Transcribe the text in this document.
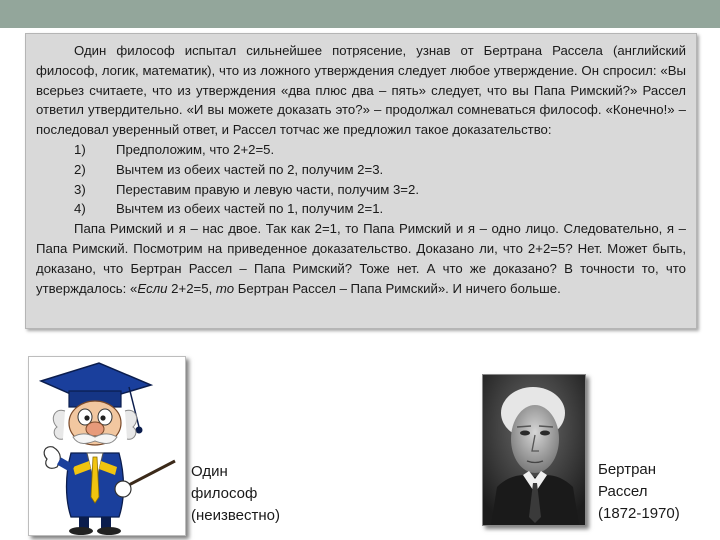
Один философ испытал сильнейшее потрясение, узнав от Бертрана Рассела (английский философ, логик, математик), что из ложного утверждения следует любое утверждение. Он спросил: «Вы всерьез считаете, что из утверждения «два плюс два – пять» следует, что вы Папа Римский?» Рассел ответил утвердительно. «И вы можете доказать это?» – продолжал сомневаться философ. «Конечно!» – последовал уверенный ответ, и Рассел тотчас же предложил такое доказательство:

1)	Предположим, что 2+2=5.
2)	Вычтем из обеих частей по 2, получим 2=3.
3)	Переставим правую и левую части, получим 3=2.
4)	Вычтем из обеих частей по 1, получим 2=1.

Папа Римский и я – нас двое. Так как 2=1, то Папа Римский и я – одно лицо. Следовательно, я – Папа Римский. Посмотрим на приведенное доказательство. Доказано ли, что 2+2=5? Нет. Может быть, доказано, что Бертран Рассел – Папа Римский? Тоже нет. А что же доказано? В точности то, что утверждалось: «Если 2+2=5, то Бертран Рассел – Папа Римский». И ничего больше.

Один
философ
(неизвестно)
Бертран
Рассел
(1872-1970)
